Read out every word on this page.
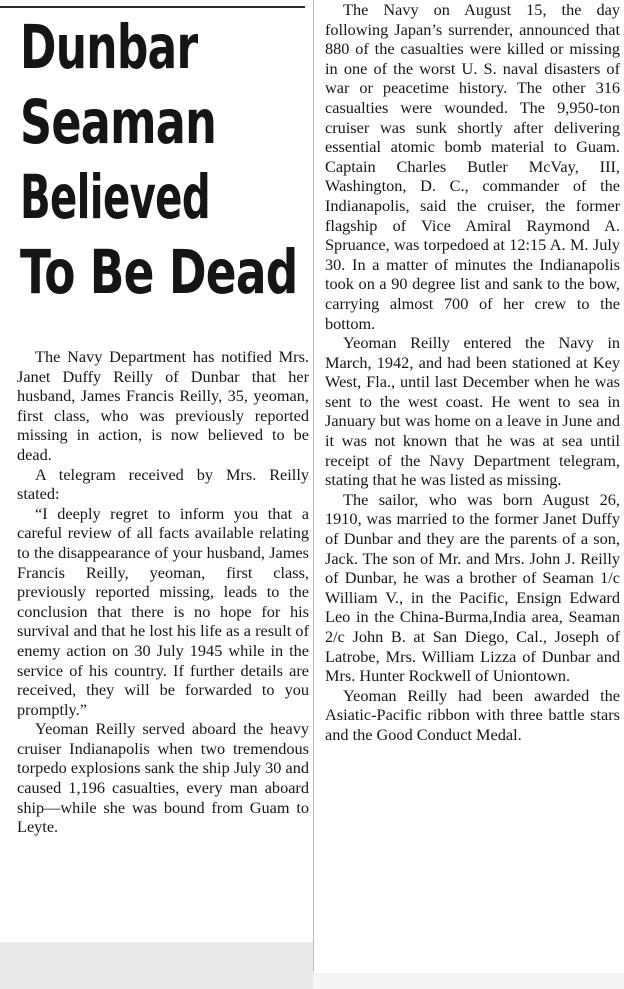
Dunbar
Seaman
Believed
To Be Dead

The Navy Department has notified Mrs. Janet Duffy Reilly of Dunbar that her husband, James Francis Reilly, 35, yeoman, first class, who was previously reported missing in action, is now believed to be dead.

A telegram received by Mrs. Reilly stated:

“I deeply regret to inform you that a careful review of all facts available relating to the disappearance of your husband, James Francis Reilly, yeoman, first class, previously reported missing, leads to the conclusion that there is no hope for his survival and that he lost his life as a result of enemy action on 30 July 1945 while in the service of his country. If further details are received, they will be forwarded to you promptly.”

Yeoman Reilly served aboard the heavy cruiser Indianapolis when two tremendous torpedo explosions sank the ship July 30 and caused 1,196 casualties, every man aboard ship—while she was bound from Guam to Leyte.

The Navy on August 15, the day following Japan’s surrender, announced that 880 of the casualties were killed or missing in one of the worst U. S. naval disasters of war or peacetime history. The other 316 casualties were wounded. The 9,950-ton cruiser was sunk shortly after delivering essential atomic bomb material to Guam. Captain Charles Butler McVay, III, Washington, D. C., commander of the Indianapolis, said the cruiser, the former flagship of Vice Amiral Raymond A. Spruance, was torpedoed at 12:15 A. M. July 30. In a matter of minutes the Indianapolis took on a 90 degree list and sank to the bow, carrying almost 700 of her crew to the bottom.

Yeoman Reilly entered the Navy in March, 1942, and had been stationed at Key West, Fla., until last December when he was sent to the west coast. He went to sea in January but was home on a leave in June and it was not known that he was at sea until receipt of the Navy Department telegram, stating that he was listed as missing.

The sailor, who was born August 26, 1910, was married to the former Janet Duffy of Dunbar and they are the parents of a son, Jack. The son of Mr. and Mrs. John J. Reilly of Dunbar, he was a brother of Seaman 1/c William V., in the Pacific, Ensign Edward Leo in the China-Burma,India area, Seaman 2/c John B. at San Diego, Cal., Joseph of Latrobe, Mrs. William Lizza of Dunbar and Mrs. Hunter Rockwell of Uniontown.

Yeoman Reilly had been awarded the Asiatic-Pacific ribbon with three battle stars and the Good Conduct Medal.
